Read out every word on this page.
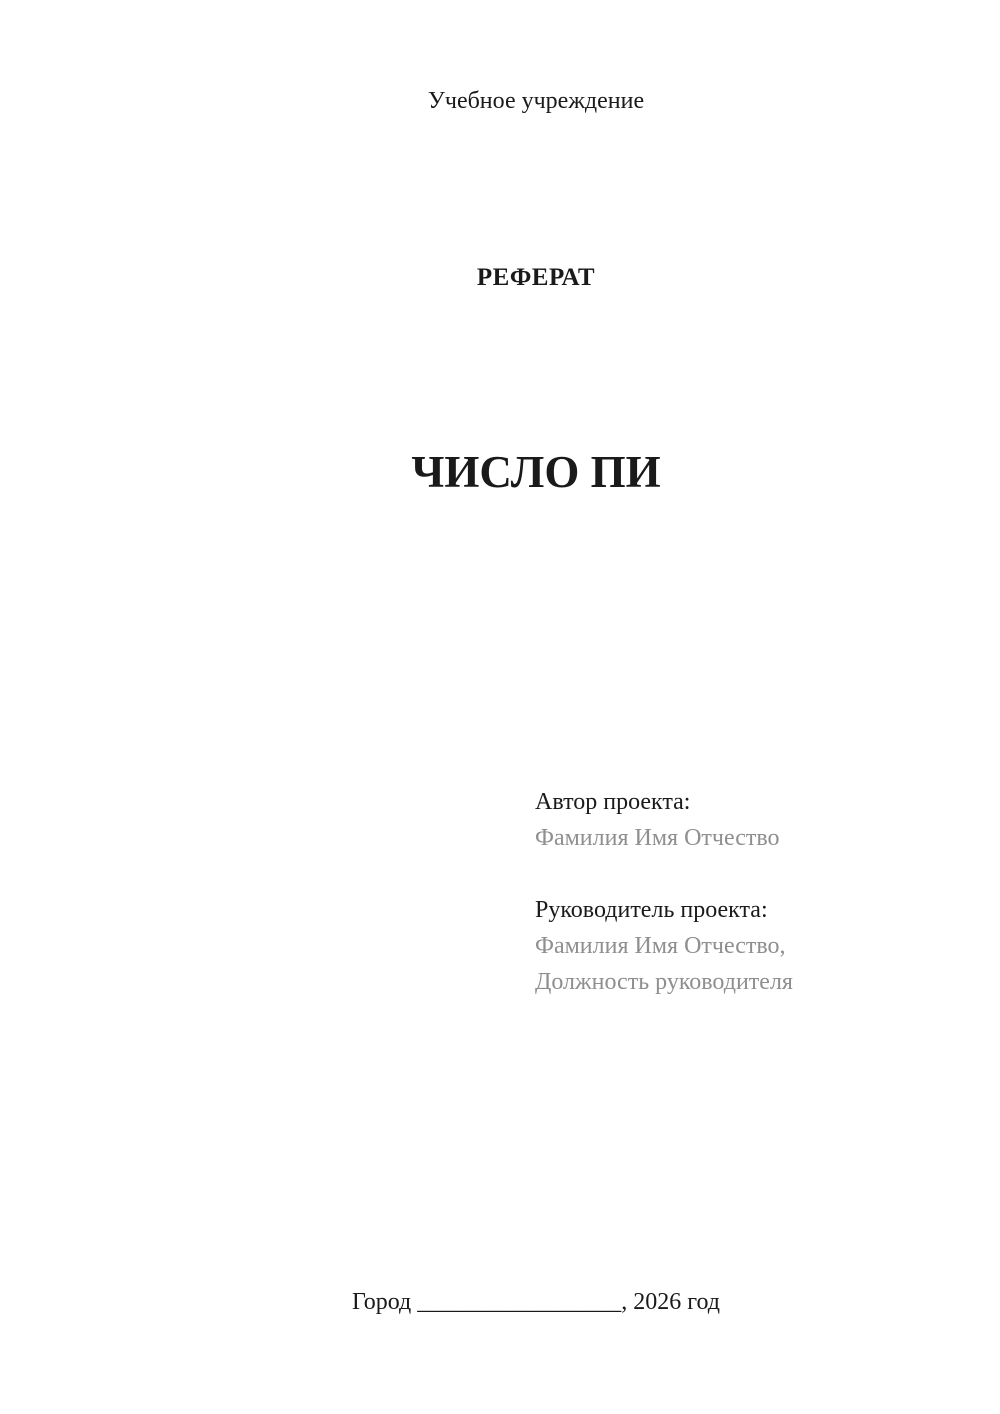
Учебное учреждение
РЕФЕРАТ
ЧИСЛО ПИ
Автор проекта:
Фамилия Имя Отчество
Руководитель проекта:
Фамилия Имя Отчество,
Должность руководителя
Город _________________, 2026 год
